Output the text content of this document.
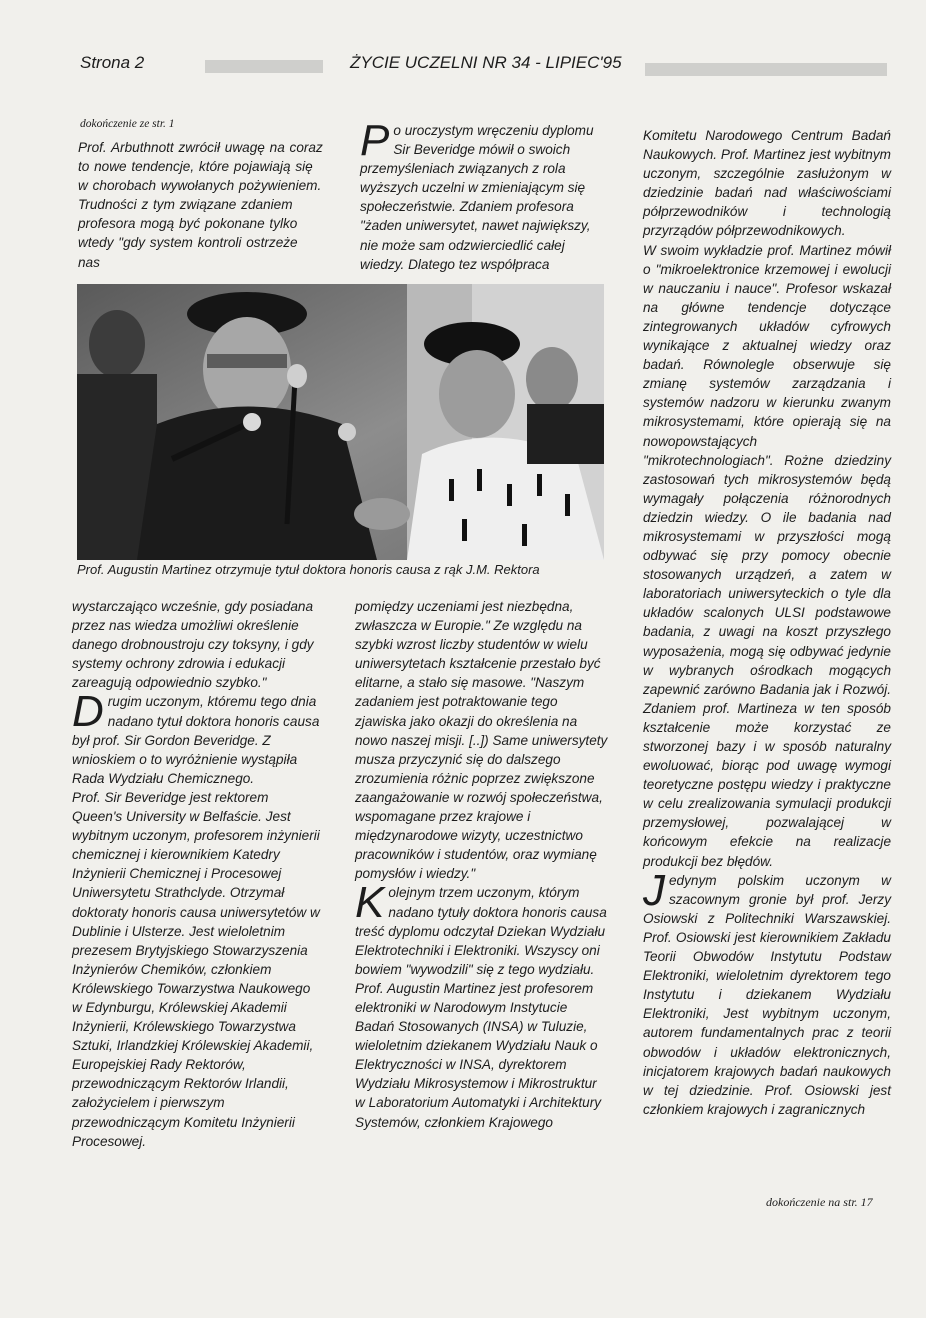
Strona 2	ŻYCIE UCZELNI NR 34 - LIPIEC'95
dokończenie ze str. 1

Prof. Arbuthnott zwrócił uwagę na coraz to nowe tendencje, które pojawiają się w chorobach wywołanych pożywieniem. Trudności z tym związane zdaniem profesora mogą być pokonane tylko wtedy "gdy system kontroli ostrzeże nas

P o uroczystym wręczeniu dyplomu Sir Beveridge mówił o swoich przemyśleniach związanych z rola wyższych uczelni w zmieniającym się społeczeństwie. Zdaniem profesora "żaden uniwersytet, nawet największy, nie może sam odzwierciedlić całej wiedzy. Dlatego tez współpraca

Prof. Augustin Martinez otrzymuje tytuł doktora honoris causa z rąk J.M. Rektora

wystarczająco wcześnie, gdy posiadana przez nas wiedza umożliwi określenie danego drobnoustroju czy toksyny, i gdy systemy ochrony zdrowia i edukacji zareagują odpowiednio szybko."

D rugim uczonym, któremu tego dnia nadano tytuł doktora honoris causa był prof. Sir Gordon Beveridge. Z wnioskiem o to wyróżnienie wystąpiła Rada Wydziału Chemicznego.

Prof. Sir Beveridge jest rektorem Queen's University w Belfaście. Jest wybitnym uczonym, profesorem inżynierii chemicznej i kierownikiem Katedry Inżynierii Chemicznej i Procesowej Uniwersytetu Strathclyde. Otrzymał doktoraty honoris causa uniwersytetów w Dublinie i Ulsterze. Jest wieloletnim prezesem Brytyjskiego Stowarzyszenia Inżynierów Chemików, członkiem Królewskiego Towarzystwa Naukowego w Edynburgu, Królewskiej Akademii Inżynierii, Królewskiego Towarzystwa Sztuki, Irlandzkiej Królewskiej Akademii, Europejskiej Rady Rektorów, przewodniczącym Rektorów Irlandii, założycielem i pierwszym przewodniczącym Komitetu Inżynierii Procesowej.

pomiędzy uczeniami jest niezbędna, zwłaszcza w Europie." Ze względu na szybki wzrost liczby studentów w wielu uniwersytetach kształcenie przestało być elitarne, a stało się masowe. "Naszym zadaniem jest potraktowanie tego zjawiska jako okazji do określenia na nowo naszej misji. [..]) Same uniwersytety musza przyczynić się do dalszego zrozumienia różnic poprzez zwiększone zaangażowanie w rozwój społeczeństwa, wspomagane przez krajowe i międzynarodowe wizyty, uczestnictwo pracowników i studentów, oraz wymianę pomysłów i wiedzy."

K olejnym trzem uczonym, którym nadano tytuły doktora honoris causa treść dyplomu odczytał Dziekan Wydziału Elektrotechniki i Elektroniki. Wszyscy oni bowiem "wywodzili" się z tego wydziału.

Prof. Augustin Martinez jest profesorem elektroniki w Narodowym Instytucie Badań Stosowanych (INSA) w Tuluzie, wieloletnim dziekanem Wydziału Nauk o Elektryczności w INSA, dyrektorem Wydziału Mikrosystemow i Mikrostruktur w Laboratorium Automatyki i Architektury Systemów, członkiem Krajowego

Komitetu Narodowego Centrum Badań Naukowych. Prof. Martinez jest wybitnym uczonym, szczególnie zasłużonym w dziedzinie badań nad właściwościami półprzewodników i technologią przyrządów półprzewodnikowych.

W swoim wykładzie prof. Martinez mówił o "mikroelektronice krzemowej i ewolucji w nauczaniu i nauce". Profesor wskazał na główne tendencje dotyczące zintegrowanych układów cyfrowych wynikające z aktualnej wiedzy oraz badań. Równolegle obserwuje się zmianę systemów zarządzania i systemów nadzoru w kierunku zwanym mikrosystemami, które opierają się na nowopowstających "mikrotechnologiach". Rożne dziedziny zastosowań tych mikrosystemów będą wymagały połączenia różnorodnych dziedzin wiedzy. O ile badania nad mikrosystemami w przyszłości mogą odbywać się przy pomocy obecnie stosowanych urządzeń, a zatem w laboratoriach uniwersyteckich o tyle dla układów scalonych ULSI podstawowe badania, z uwagi na koszt przyszłego wyposażenia, mogą się odbywać jedynie w wybranych ośrodkach mogących zapewnić zarówno Badania jak i Rozwój. Zdaniem prof. Martineza w ten sposób kształcenie może korzystać ze stworzonej bazy i w sposób naturalny ewoluować, biorąc pod uwagę wymogi teoretyczne postępu wiedzy i praktyczne w celu zrealizowania symulacji produkcji przemysłowej, pozwalającej w końcowym efekcie na realizacje produkcji bez błędów.

J edynym polskim uczonym w szacownym gronie był prof. Jerzy Osiowski z Politechniki Warszawskiej. Prof. Osiowski jest kierownikiem Zakładu Teorii Obwodów Instytutu Podstaw Elektroniki, wieloletnim dyrektorem tego Instytutu i dziekanem Wydziału Elektroniki, Jest wybitnym uczonym, autorem fundamentalnych prac z teorii obwodów i układów elektronicznych, inicjatorem krajowych badań naukowych w tej dziedzinie. Prof. Osiowski jest członkiem krajowych i zagranicznych

dokończenie na str. 17
